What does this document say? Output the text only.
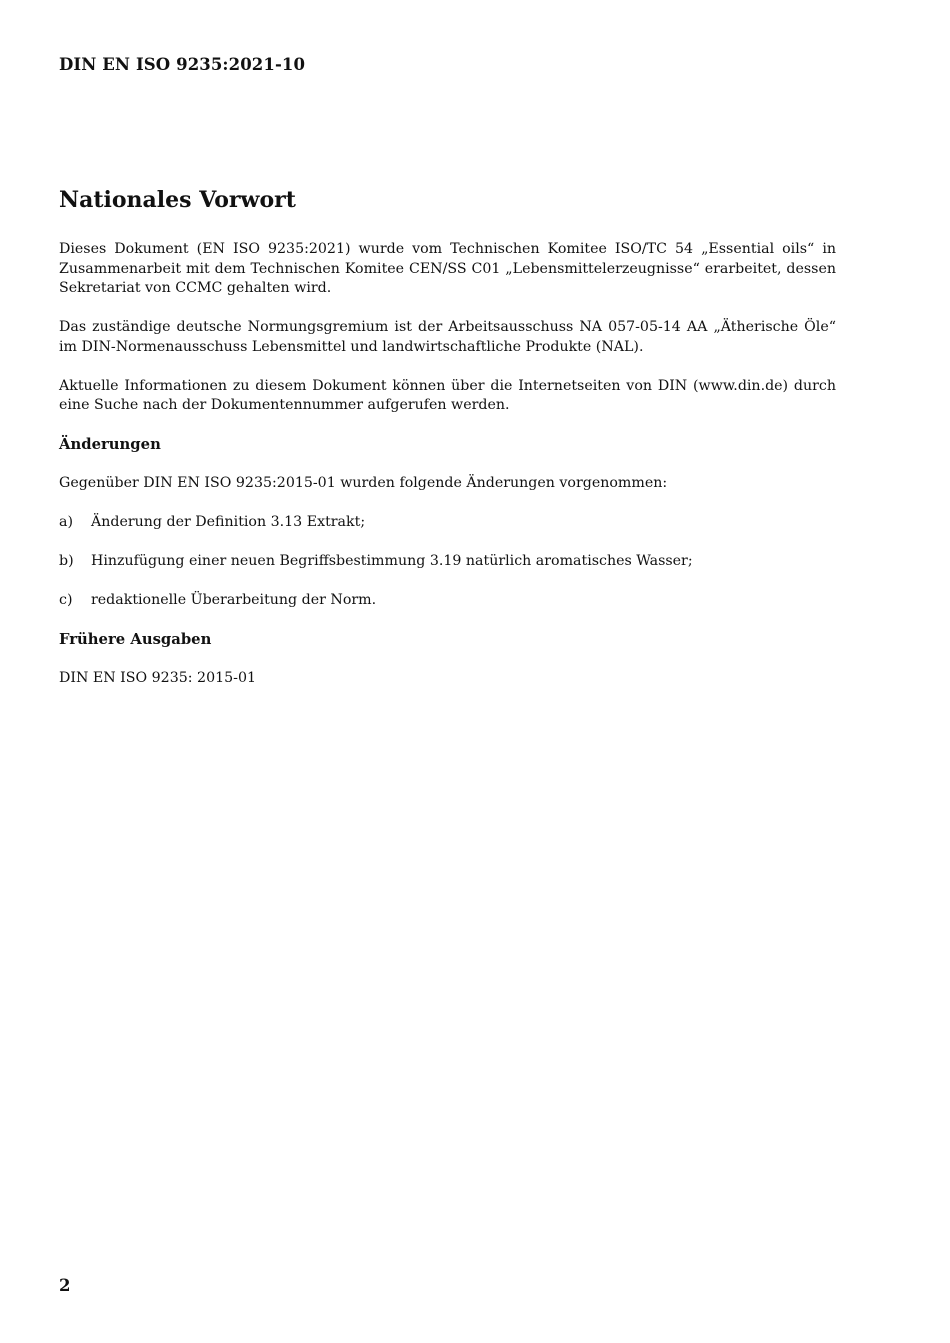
DIN EN ISO 9235:2021-10

Nationales Vorwort

Dieses Dokument (EN ISO 9235:2021) wurde vom Technischen Komitee ISO/TC 54 „Essential oils“ in Zusammenarbeit mit dem Technischen Komitee CEN/SS C01 „Lebensmittelerzeugnisse“ erarbeitet, dessen Sekretariat von CCMC gehalten wird.

Das zuständige deutsche Normungsgremium ist der Arbeitsausschuss NA 057-05-14 AA „Ätherische Öle“ im DIN-Normenausschuss Lebensmittel und landwirtschaftliche Produkte (NAL).

Aktuelle Informationen zu diesem Dokument können über die Internetseiten von DIN (www.din.de) durch eine Suche nach der Dokumentennummer aufgerufen werden.

Änderungen

Gegenüber DIN EN ISO 9235:2015-01 wurden folgende Änderungen vorgenommen:

a)	Änderung der Definition 3.13 Extrakt;
b)	Hinzufügung einer neuen Begriffsbestimmung 3.19 natürlich aromatisches Wasser;
c)	redaktionelle Überarbeitung der Norm.

Frühere Ausgaben

DIN EN ISO 9235: 2015-01

2
